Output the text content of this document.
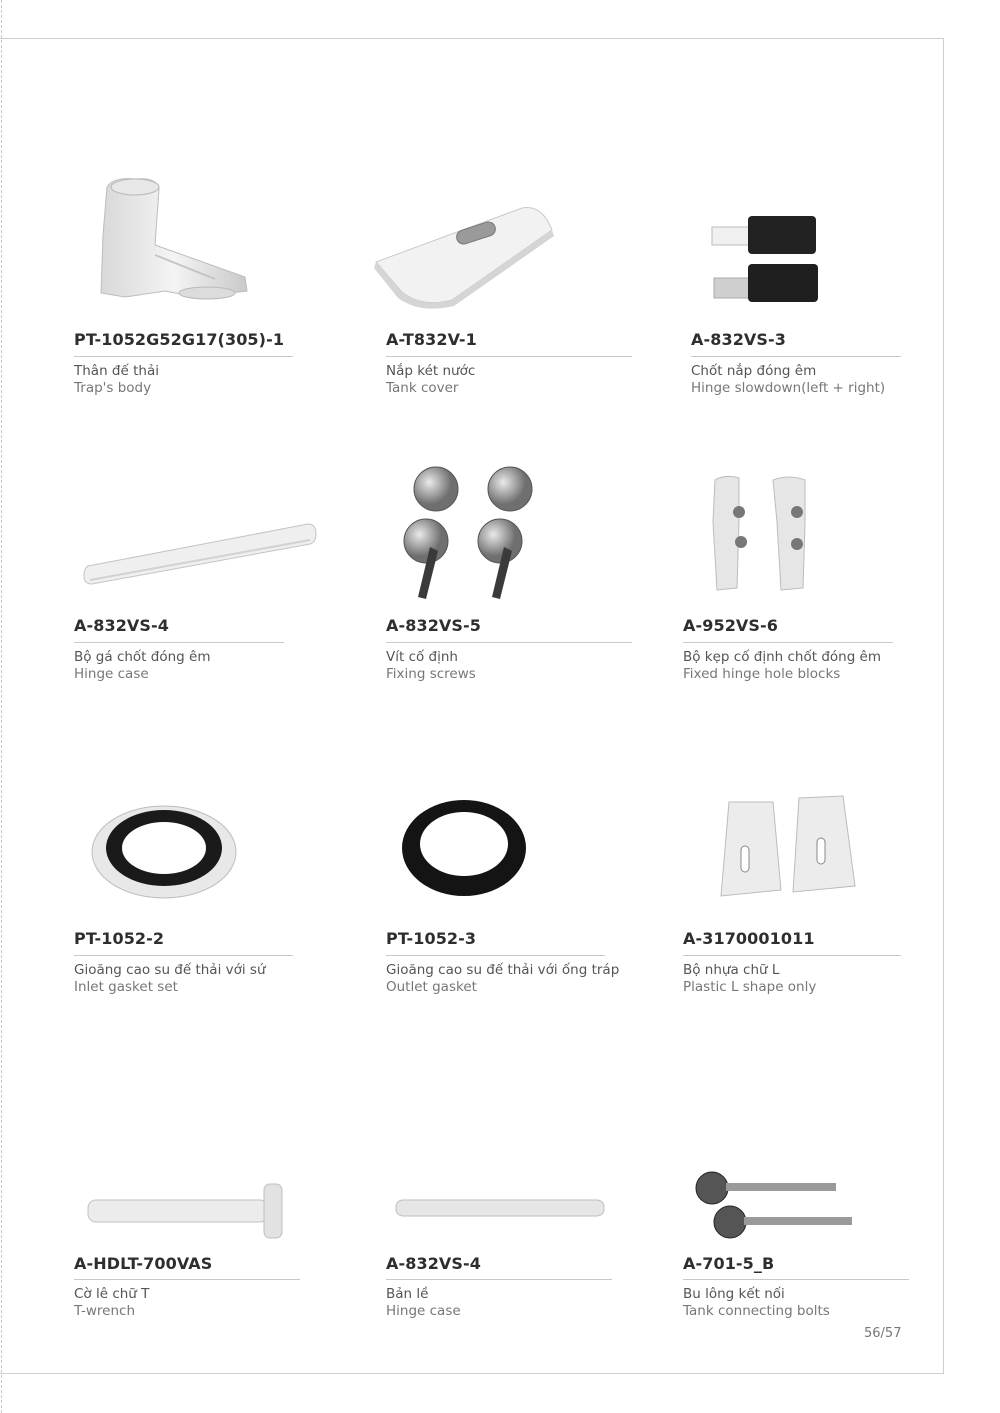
PT-1052G52G17(305)-1
Thân đế thải
Trap's body
A-T832V-1
Nắp két nước
Tank cover
A-832VS-3
Chốt nắp đóng êm
Hinge slowdown(left + right)
A-832VS-4
Bộ gá chốt đóng êm
Hinge case
A-832VS-5
Vít cố định
Fixing screws
A-952VS-6
Bộ kẹp cố định chốt đóng êm
Fixed hinge hole blocks
PT-1052-2
Gioăng cao su đế thải với sứ
Inlet gasket set
PT-1052-3
Gioăng cao su đế thải với ống tráp
Outlet gasket
A-3170001011
Bộ nhựa chữ L
Plastic L shape only
A-HDLT-700VAS
Cờ lê chữ T
T-wrench
A-832VS-4
Bản lề
Hinge case
A-701-5_B
Bu lông kết nối
Tank connecting bolts
56/57
